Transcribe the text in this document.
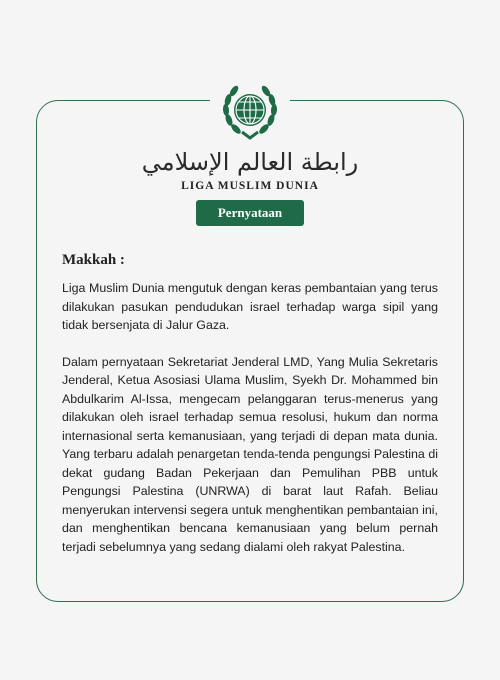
رابطة العالم الإسلامي
LIGA MUSLIM DUNIA
Pernyataan

Makkah :

Liga Muslim Dunia mengutuk dengan keras pembantaian yang terus dilakukan pasukan pendudukan israel terhadap warga sipil yang tidak bersenjata di Jalur Gaza.

Dalam pernyataan Sekretariat Jenderal LMD, Yang Mulia Sekretaris Jenderal, Ketua Asosiasi Ulama Muslim, Syekh Dr. Mohammed bin Abdulkarim Al-Issa, mengecam pelanggaran terus-menerus yang dilakukan oleh israel terhadap semua resolusi, hukum dan norma internasional serta kemanusiaan, yang terjadi di depan mata dunia. Yang terbaru adalah penargetan tenda-tenda pengungsi Palestina di dekat gudang Badan Pekerjaan dan Pemulihan PBB untuk Pengungsi Palestina (UNRWA) di barat laut Rafah. Beliau menyerukan intervensi segera untuk menghentikan pembantaian ini, dan menghentikan bencana kemanusiaan yang belum pernah terjadi sebelumnya yang sedang dialami oleh rakyat Palestina.
